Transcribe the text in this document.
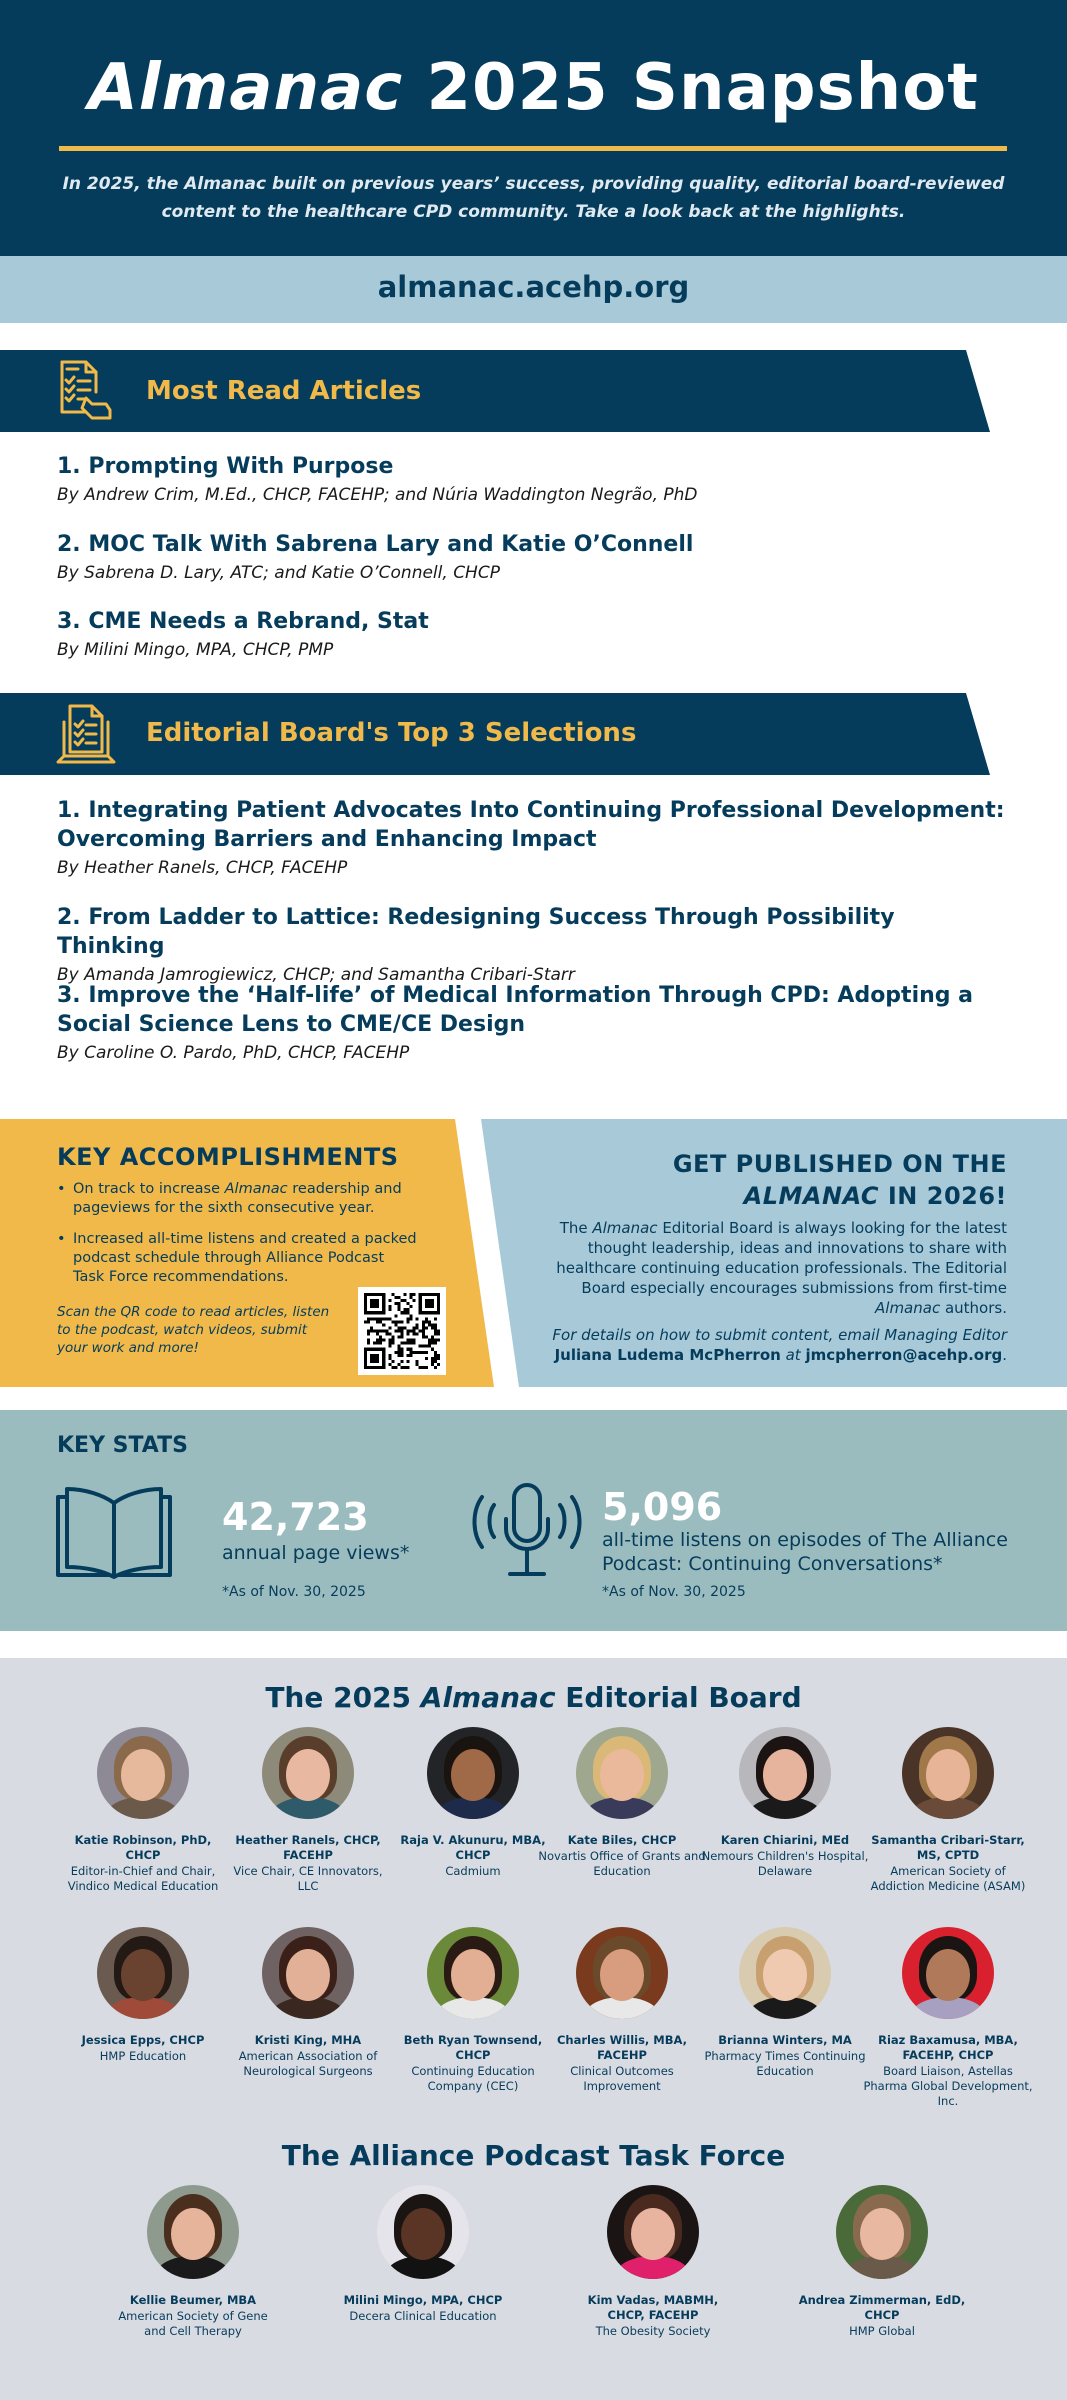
Almanac 2025 Snapshot
In 2025, the Almanac built on previous years’ success, providing quality, editorial board-reviewed content to the healthcare CPD community. Take a look back at the highlights.
almanac.acehp.org
Most Read Articles
1. Prompting With Purpose
By Andrew Crim, M.Ed., CHCP, FACEHP; and Núria Waddington Negrão, PhD
2. MOC Talk With Sabrena Lary and Katie O’Connell
By Sabrena D. Lary, ATC; and Katie O’Connell, CHCP
3. CME Needs a Rebrand, Stat
By Milini Mingo, MPA, CHCP, PMP
Editorial Board's Top 3 Selections
1. Integrating Patient Advocates Into Continuing Professional Development: Overcoming Barriers and Enhancing Impact
By Heather Ranels, CHCP, FACEHP
2. From Ladder to Lattice: Redesigning Success Through Possibility Thinking
By Amanda Jamrogiewicz, CHCP; and Samantha Cribari-Starr
3. Improve the ‘Half-life’ of Medical Information Through CPD: Adopting a Social Science Lens to CME/CE Design
By Caroline O. Pardo, PhD, CHCP, FACEHP
KEY ACCOMPLISHMENTS
• On track to increase Almanac readership and pageviews for the sixth consecutive year.
• Increased all-time listens and created a packed podcast schedule through Alliance Podcast Task Force recommendations.
Scan the QR code to read articles, listen to the podcast, watch videos, submit your work and more!
GET PUBLISHED ON THE
ALMANAC IN 2026!
The Almanac Editorial Board is always looking for the latest thought leadership, ideas and innovations to share with healthcare continuing education professionals. The Editorial Board especially encourages submissions from first-time Almanac authors.
For details on how to submit content, email Managing Editor
Juliana Ludema McPherron at jmcpherron@acehp.org.
KEY STATS
42,723
annual page views*
*As of Nov. 30, 2025
5,096
all-time listens on episodes of The Alliance Podcast: Continuing Conversations*
*As of Nov. 30, 2025
The 2025 Almanac Editorial Board
Katie Robinson, PhD, CHCP
Editor-in-Chief and Chair, Vindico Medical Education
Heather Ranels, CHCP, FACEHP
Vice Chair, CE Innovators, LLC
Raja V. Akunuru, MBA, CHCP
Cadmium
Kate Biles, CHCP
Novartis Office of Grants and Education
Karen Chiarini, MEd
Nemours Children's Hospital, Delaware
Samantha Cribari-Starr, MS, CPTD
American Society of Addiction Medicine (ASAM)
Jessica Epps, CHCP
HMP Education
Kristi King, MHA
American Association of Neurological Surgeons
Beth Ryan Townsend, CHCP
Continuing Education Company (CEC)
Charles Willis, MBA, FACEHP
Clinical Outcomes Improvement
Brianna Winters, MA
Pharmacy Times Continuing Education
Riaz Baxamusa, MBA, FACEHP, CHCP
Board Liaison, Astellas Pharma Global Development, Inc.
The Alliance Podcast Task Force
Kellie Beumer, MBA
American Society of Gene and Cell Therapy
Milini Mingo, MPA, CHCP
Decera Clinical Education
Kim Vadas, MABMH, CHCP, FACEHP
The Obesity Society
Andrea Zimmerman, EdD, CHCP
HMP Global
